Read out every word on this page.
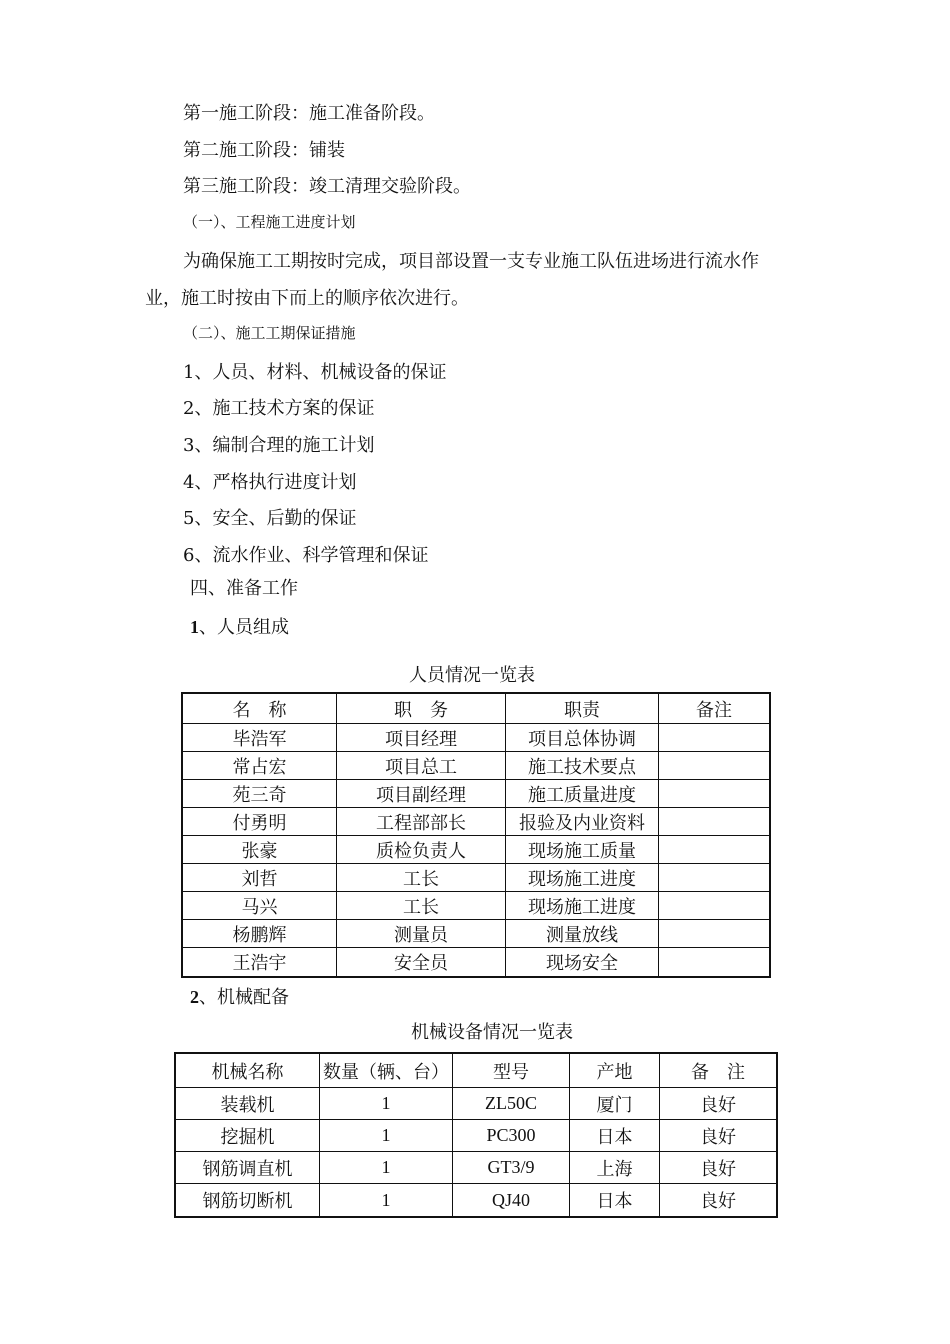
第一施工阶段：施工准备阶段。
第二施工阶段：铺装
第三施工阶段：竣工清理交验阶段。
（一）、工程施工进度计划
为确保施工工期按时完成，项目部设置一支专业施工队伍进场进行流水作
业，施工时按由下而上的顺序依次进行。
（二）、施工工期保证措施
1、人员、材料、机械设备的保证
2、施工技术方案的保证
3、编制合理的施工计划
4、严格执行进度计划
5、安全、后勤的保证
6、流水作业、科学管理和保证
四、准备工作
1、人员组成
人员情况一览表
名　称	职　务	职责	备注
毕浩军	项目经理	项目总体协调	
常占宏	项目总工	施工技术要点	
苑三奇	项目副经理	施工质量进度	
付勇明	工程部部长	报验及内业资料	
张豪	质检负责人	现场施工质量	
刘哲	工长	现场施工进度	
马兴	工长	现场施工进度	
杨鹏辉	测量员	测量放线	
王浩宇	安全员	现场安全	
2、机械配备
机械设备情况一览表
机械名称	数量（辆、台）	型号	产地	备　注
装载机	1	ZL50C	厦门	良好
挖掘机	1	PC300	日本	良好
钢筋调直机	1	GT3/9	上海	良好
钢筋切断机	1	QJ40	日本	良好
